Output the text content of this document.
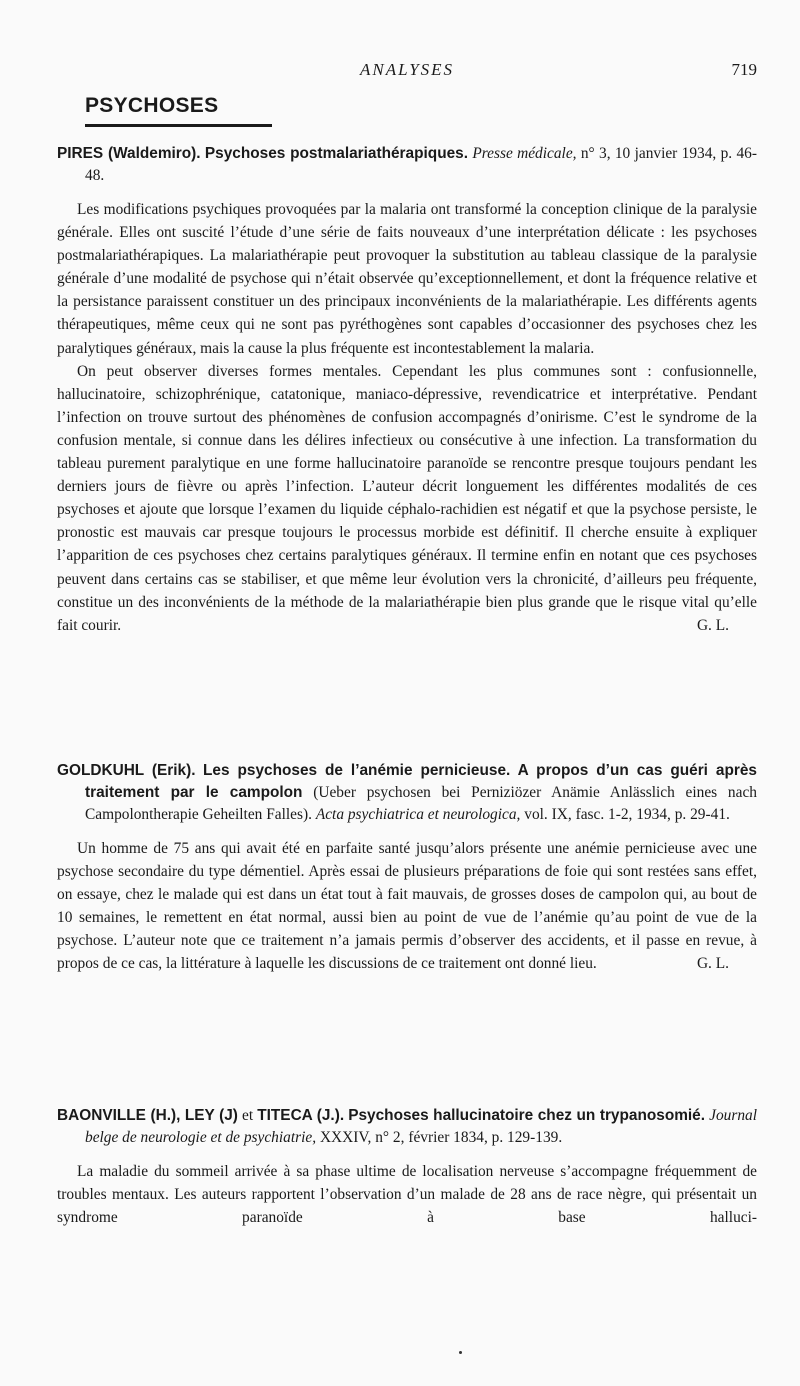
ANALYSES	719
PSYCHOSES

PIRES (Waldemiro). Psychoses postmalariathérapiques. Presse médicale, n° 3, 10 janvier 1934, p. 46-48.

Les modifications psychiques provoquées par la malaria ont transformé la conception clinique de la paralysie générale. Elles ont suscité l’étude d’une série de faits nouveaux d’une interprétation délicate : les psychoses postmalariathérapiques. La malariathérapie peut provoquer la substitution au tableau classique de la paralysie générale d’une modalité de psychose qui n’était observée qu’exceptionnellement, et dont la fréquence relative et la persistance paraissent constituer un des principaux inconvénients de la malariathérapie. Les différents agents thérapeutiques, même ceux qui ne sont pas pyréthogènes sont capables d’occasionner des psychoses chez les paralytiques généraux, mais la cause la plus fréquente est incontestablement la malaria.

On peut observer diverses formes mentales. Cependant les plus communes sont : confusionnelle, hallucinatoire, schizophrénique, catatonique, maniaco-dépressive, revendicatrice et interprétative. Pendant l’infection on trouve surtout des phénomènes de confusion accompagnés d’onirisme. C’est le syndrome de la confusion mentale, si connue dans les délires infectieux ou consécutive à une infection. La transformation du tableau purement paralytique en une forme hallucinatoire paranoïde se rencontre presque toujours pendant les derniers jours de fièvre ou après l’infection. L’auteur décrit longuement les différentes modalités de ces psychoses et ajoute que lorsque l’examen du liquide céphalo-rachidien est négatif et que la psychose persiste, le pronostic est mauvais car presque toujours le processus morbide est définitif. Il cherche ensuite à expliquer l’apparition de ces psychoses chez certains paralytiques généraux. Il termine enfin en notant que ces psychoses peuvent dans certains cas se stabiliser, et que même leur évolution vers la chronicité, d’ailleurs peu fréquente, constitue un des inconvénients de la méthode de la malariathérapie bien plus grande que le risque vital qu’elle fait courir.	G. L.

GOLDKUHL (Erik). Les psychoses de l’anémie pernicieuse. A propos d’un cas guéri après traitement par le campolon (Ueber psychosen bei Perniziözer Anämie Anlässlich eines nach Campolontherapie Geheilten Falles). Acta psychiatrica et neurologica, vol. IX, fasc. 1-2, 1934, p. 29-41.

Un homme de 75 ans qui avait été en parfaite santé jusqu’alors présente une anémie pernicieuse avec une psychose secondaire du type démentiel. Après essai de plusieurs préparations de foie qui sont restées sans effet, on essaye, chez le malade qui est dans un état tout à fait mauvais, de grosses doses de campolon qui, au bout de 10 semaines, le remettent en état normal, aussi bien au point de vue de l’anémie qu’au point de vue de la psychose. L’auteur note que ce traitement n’a jamais permis d’observer des accidents, et il passe en revue, à propos de ce cas, la littérature à laquelle les discussions de ce traitement ont donné lieu.	G. L.

BAONVILLE (H.), LEY (J) et TITECA (J.). Psychoses hallucinatoire chez un trypanosomié. Journal belge de neurologie et de psychiatrie, XXXIV, n° 2, février 1834, p. 129-139.

La maladie du sommeil arrivée à sa phase ultime de localisation nerveuse s’accompagne fréquemment de troubles mentaux. Les auteurs rapportent l’observation d’un malade de 28 ans de race nègre, qui présentait un syndrome paranoïde à base halluci-
